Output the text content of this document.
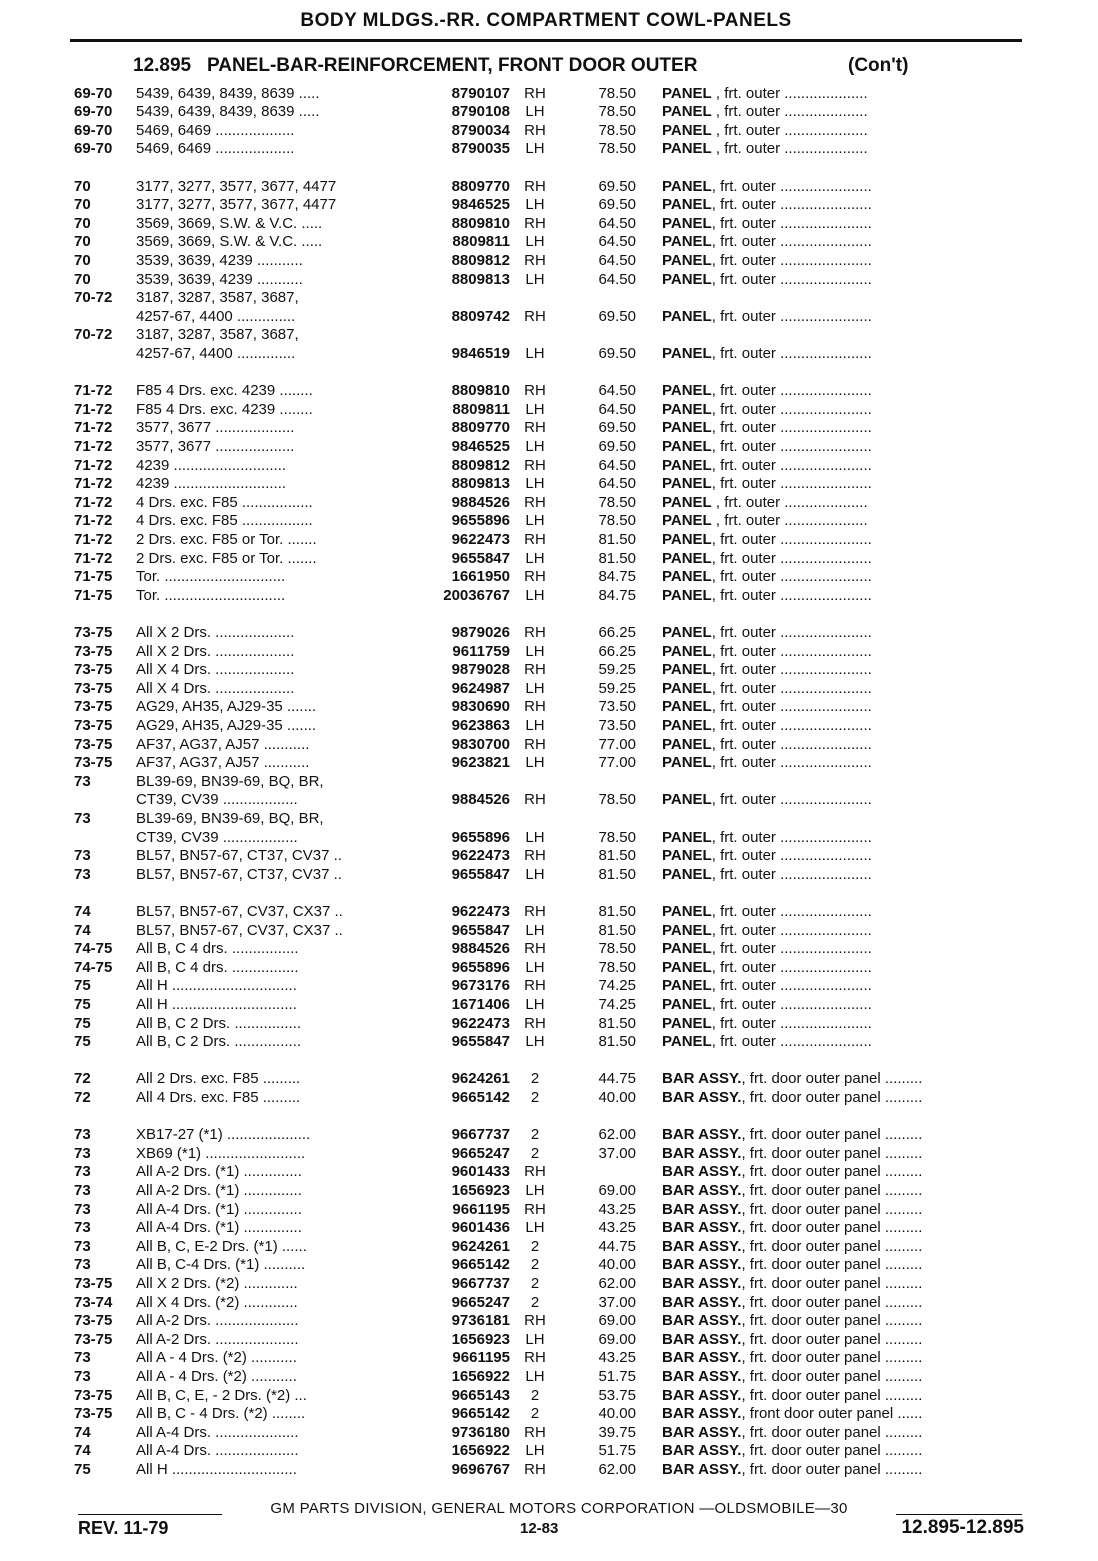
BODY MLDGS.-RR. COMPARTMENT COWL-PANELS
12.895 PANEL-BAR-REINFORCEMENT, FRONT DOOR OUTER	(Con't)
69-70 5439, 6439, 8439, 8639 .....	8790107 RH	78.50 PANEL , frt. outer ....................
69-70 5439, 6439, 8439, 8639 .....	8790108	LH	78.50 PANEL , frt. outer ....................
69-70 5469, 6469 ...................	8790034 RH	78.50 PANEL , frt. outer ....................
69-70 5469, 6469 ...................	8790035	LH	78.50 PANEL , frt. outer ....................
70	3177, 3277, 3577, 3677, 4477	8809770 RH	69.50 PANEL, frt. outer ......................
70	3177, 3277, 3577, 3677, 4477	9846525	LH	69.50 PANEL, frt. outer ......................
70	3569, 3669, S.W. & V.C. .....	8809810 RH	64.50 PANEL, frt. outer ......................
70	3569, 3669, S.W. & V.C. .....	8809811	LH	64.50 PANEL, frt. outer ......................
70	3539, 3639, 4239 ...........	8809812 RH	64.50 PANEL, frt. outer ......................
70	3539, 3639, 4239 ...........	8809813	LH	64.50 PANEL, frt. outer ......................
70-72 3187, 3287, 3587, 3687,
4257-67, 4400 ..............	8809742 RH	69.50 PANEL, frt. outer ......................
70-72 3187, 3287, 3587, 3687,
4257-67, 4400 ..............	9846519	LH	69.50 PANEL, frt. outer ......................
71-72 F85 4 Drs. exc. 4239 ........	8809810 RH	64.50 PANEL, frt. outer ......................
71-72 F85 4 Drs. exc. 4239 ........	8809811	LH	64.50 PANEL, frt. outer ......................
71-72 3577, 3677 ...................	8809770 RH	69.50 PANEL, frt. outer ......................
71-72 3577, 3677 ...................	9846525	LH	69.50 PANEL, frt. outer ......................
71-72 4239 ...........................	8809812 RH	64.50 PANEL, frt. outer ......................
71-72 4239 ...........................	8809813	LH	64.50 PANEL, frt. outer ......................
71-72 4 Drs. exc. F85 .................	9884526 RH	78.50 PANEL , frt. outer ....................
71-72 4 Drs. exc. F85 .................	9655896	LH	78.50 PANEL , frt. outer ....................
71-72 2 Drs. exc. F85 or Tor. .......	9622473 RH	81.50 PANEL, frt. outer ......................
71-72 2 Drs. exc. F85 or Tor. .......	9655847	LH	81.50 PANEL, frt. outer ......................
71-75 Tor. .............................	1661950 RH	84.75 PANEL, frt. outer ......................
71-75 Tor. .............................	20036767	LH	84.75 PANEL, frt. outer ......................
73-75 All X 2 Drs. ...................	9879026 RH	66.25 PANEL, frt. outer ......................
73-75 All X 2 Drs. ...................	9611759	LH	66.25 PANEL, frt. outer ......................
73-75 All X 4 Drs. ...................	9879028 RH	59.25 PANEL, frt. outer ......................
73-75 All X 4 Drs. ...................	9624987	LH	59.25 PANEL, frt. outer ......................
73-75 AG29, AH35, AJ29-35 .......	9830690 RH	73.50 PANEL, frt. outer ......................
73-75 AG29, AH35, AJ29-35 .......	9623863	LH	73.50 PANEL, frt. outer ......................
73-75 AF37, AG37, AJ57 ...........	9830700 RH	77.00 PANEL, frt. outer ......................
73-75 AF37, AG37, AJ57 ...........	9623821	LH	77.00 PANEL, frt. outer ......................
73	BL39-69, BN39-69, BQ, BR,
CT39, CV39 ..................	9884526 RH	78.50 PANEL, frt. outer ......................
73	BL39-69, BN39-69, BQ, BR,
CT39, CV39 ..................	9655896	LH	78.50 PANEL, frt. outer ......................
73	BL57, BN57-67, CT37, CV37 ..	9622473 RH	81.50 PANEL, frt. outer ......................
73	BL57, BN57-67, CT37, CV37 ..	9655847	LH	81.50 PANEL, frt. outer ......................
74	BL57, BN57-67, CV37, CX37 ..	9622473 RH	81.50 PANEL, frt. outer ......................
74	BL57, BN57-67, CV37, CX37 ..	9655847	LH	81.50 PANEL, frt. outer ......................
74-75 All B, C 4 drs. ................	9884526 RH	78.50 PANEL, frt. outer ......................
74-75 All B, C 4 drs. ................	9655896	LH	78.50 PANEL, frt. outer ......................
75	All H ..............................	9673176 RH	74.25 PANEL, frt. outer ......................
75	All H ..............................	1671406	LH	74.25 PANEL, frt. outer ......................
75	All B, C 2 Drs. ................	9622473 RH	81.50 PANEL, frt. outer ......................
75	All B, C 2 Drs. ................	9655847	LH	81.50 PANEL, frt. outer ......................
72	All 2 Drs. exc. F85 .........	9624261	2	44.75 BAR ASSY., frt. door outer panel .........
72	All 4 Drs. exc. F85 .........	9665142	2	40.00 BAR ASSY., frt. door outer panel .........
73	XB17-27 (*1) ....................	9667737	2	62.00 BAR ASSY., frt. door outer panel .........
73	XB69 (*1) ........................	9665247	2	37.00 BAR ASSY., frt. door outer panel .........
73	All A-2 Drs. (*1) ..............	9601433 RH	BAR ASSY., frt. door outer panel .........
73	All A-2 Drs. (*1) ..............	1656923	LH	69.00 BAR ASSY., frt. door outer panel .........
73	All A-4 Drs. (*1) ..............	9661195 RH	43.25 BAR ASSY., frt. door outer panel .........
73	All A-4 Drs. (*1) ..............	9601436	LH	43.25 BAR ASSY., frt. door outer panel .........
73	All B, C, E-2 Drs. (*1) ......	9624261	2	44.75 BAR ASSY., frt. door outer panel .........
73	All B, C-4 Drs. (*1) ..........	9665142	2	40.00 BAR ASSY., frt. door outer panel .........
73-75 All X 2 Drs. (*2) .............	9667737	2	62.00 BAR ASSY., frt. door outer panel .........
73-74 All X 4 Drs. (*2) .............	9665247	2	37.00 BAR ASSY., frt. door outer panel .........
73-75 All A-2 Drs. ....................	9736181 RH	69.00 BAR ASSY., frt. door outer panel .........
73-75 All A-2 Drs. ....................	1656923	LH	69.00 BAR ASSY., frt. door outer panel .........
73	All A - 4 Drs. (*2) ...........	9661195 RH	43.25 BAR ASSY., frt. door outer panel .........
73	All A - 4 Drs. (*2) ...........	1656922	LH	51.75 BAR ASSY., frt. door outer panel .........
73-75 All B, C, E, - 2 Drs. (*2) ...	9665143	2	53.75 BAR ASSY., frt. door outer panel .........
73-75 All B, C - 4 Drs. (*2) ........	9665142	2	40.00 BAR ASSY., front door outer panel ......
74	All A-4 Drs. ....................	9736180 RH	39.75 BAR ASSY., frt. door outer panel .........
74	All A-4 Drs. ....................	1656922	LH	51.75 BAR ASSY., frt. door outer panel .........
75	All H ..............................	9696767 RH	62.00 BAR ASSY., frt. door outer panel .........
GM PARTS DIVISION, GENERAL MOTORS CORPORATION —OLDSMOBILE—30
REV. 11-79	12-83	12.895-12.895
